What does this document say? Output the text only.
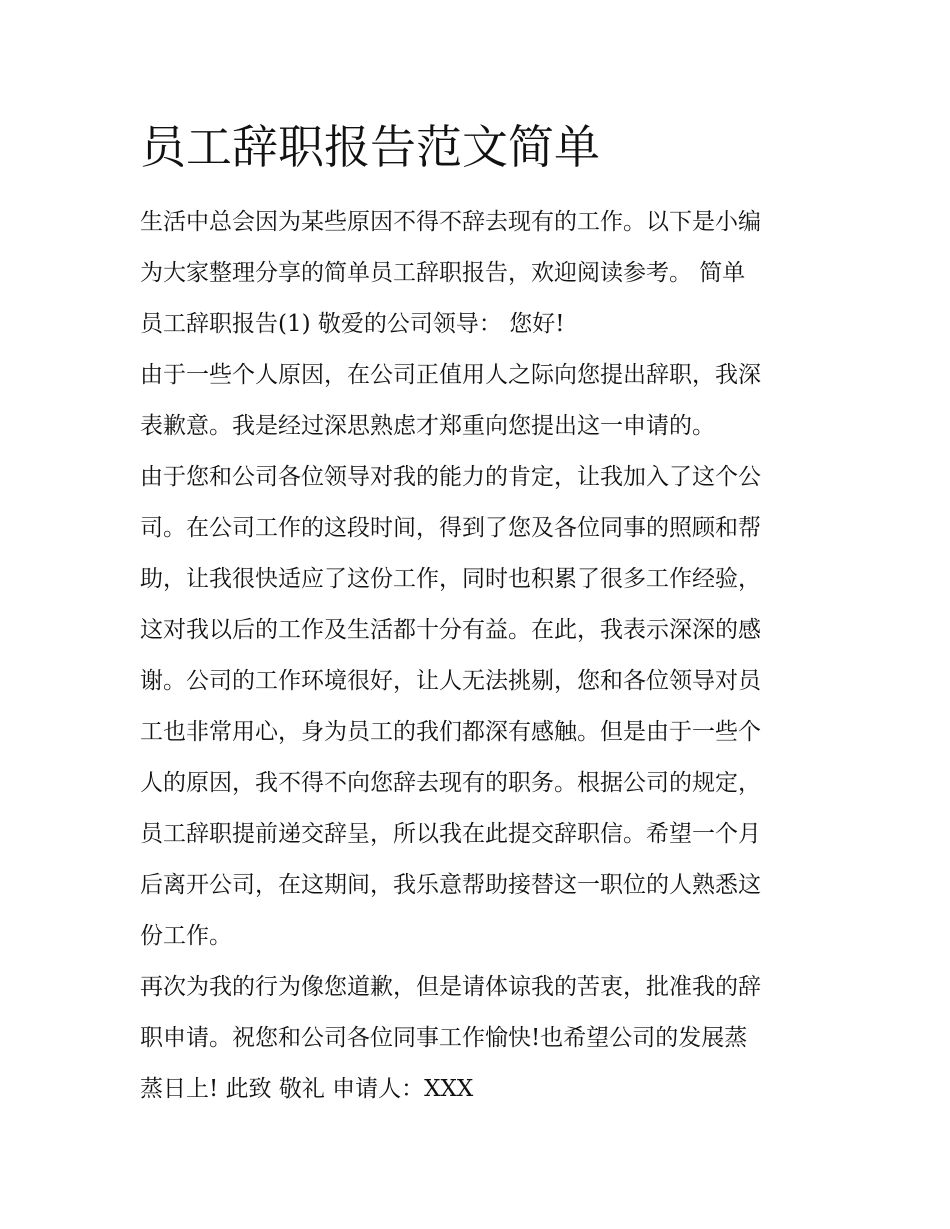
员工辞职报告范文简单
生活中总会因为某些原因不得不辞去现有的工作。以下是小编
为大家整理分享的简单员工辞职报告，欢迎阅读参考。 简单
员工辞职报告(1) 敬爱的公司领导： 您好!
由于一些个人原因，在公司正值用人之际向您提出辞职，我深
表歉意。我是经过深思熟虑才郑重向您提出这一申请的。
由于您和公司各位领导对我的能力的肯定，让我加入了这个公
司。在公司工作的这段时间，得到了您及各位同事的照顾和帮
助，让我很快适应了这份工作，同时也积累了很多工作经验，
这对我以后的工作及生活都十分有益。在此，我表示深深的感
谢。公司的工作环境很好，让人无法挑剔，您和各位领导对员
工也非常用心，身为员工的我们都深有感触。但是由于一些个
人的原因，我不得不向您辞去现有的职务。根据公司的规定，
员工辞职提前递交辞呈，所以我在此提交辞职信。希望一个月
后离开公司，在这期间，我乐意帮助接替这一职位的人熟悉这
份工作。
再次为我的行为像您道歉，但是请体谅我的苦衷，批准我的辞
职申请。祝您和公司各位同事工作愉快!也希望公司的发展蒸
蒸日上! 此致 敬礼 申请人：XXX
